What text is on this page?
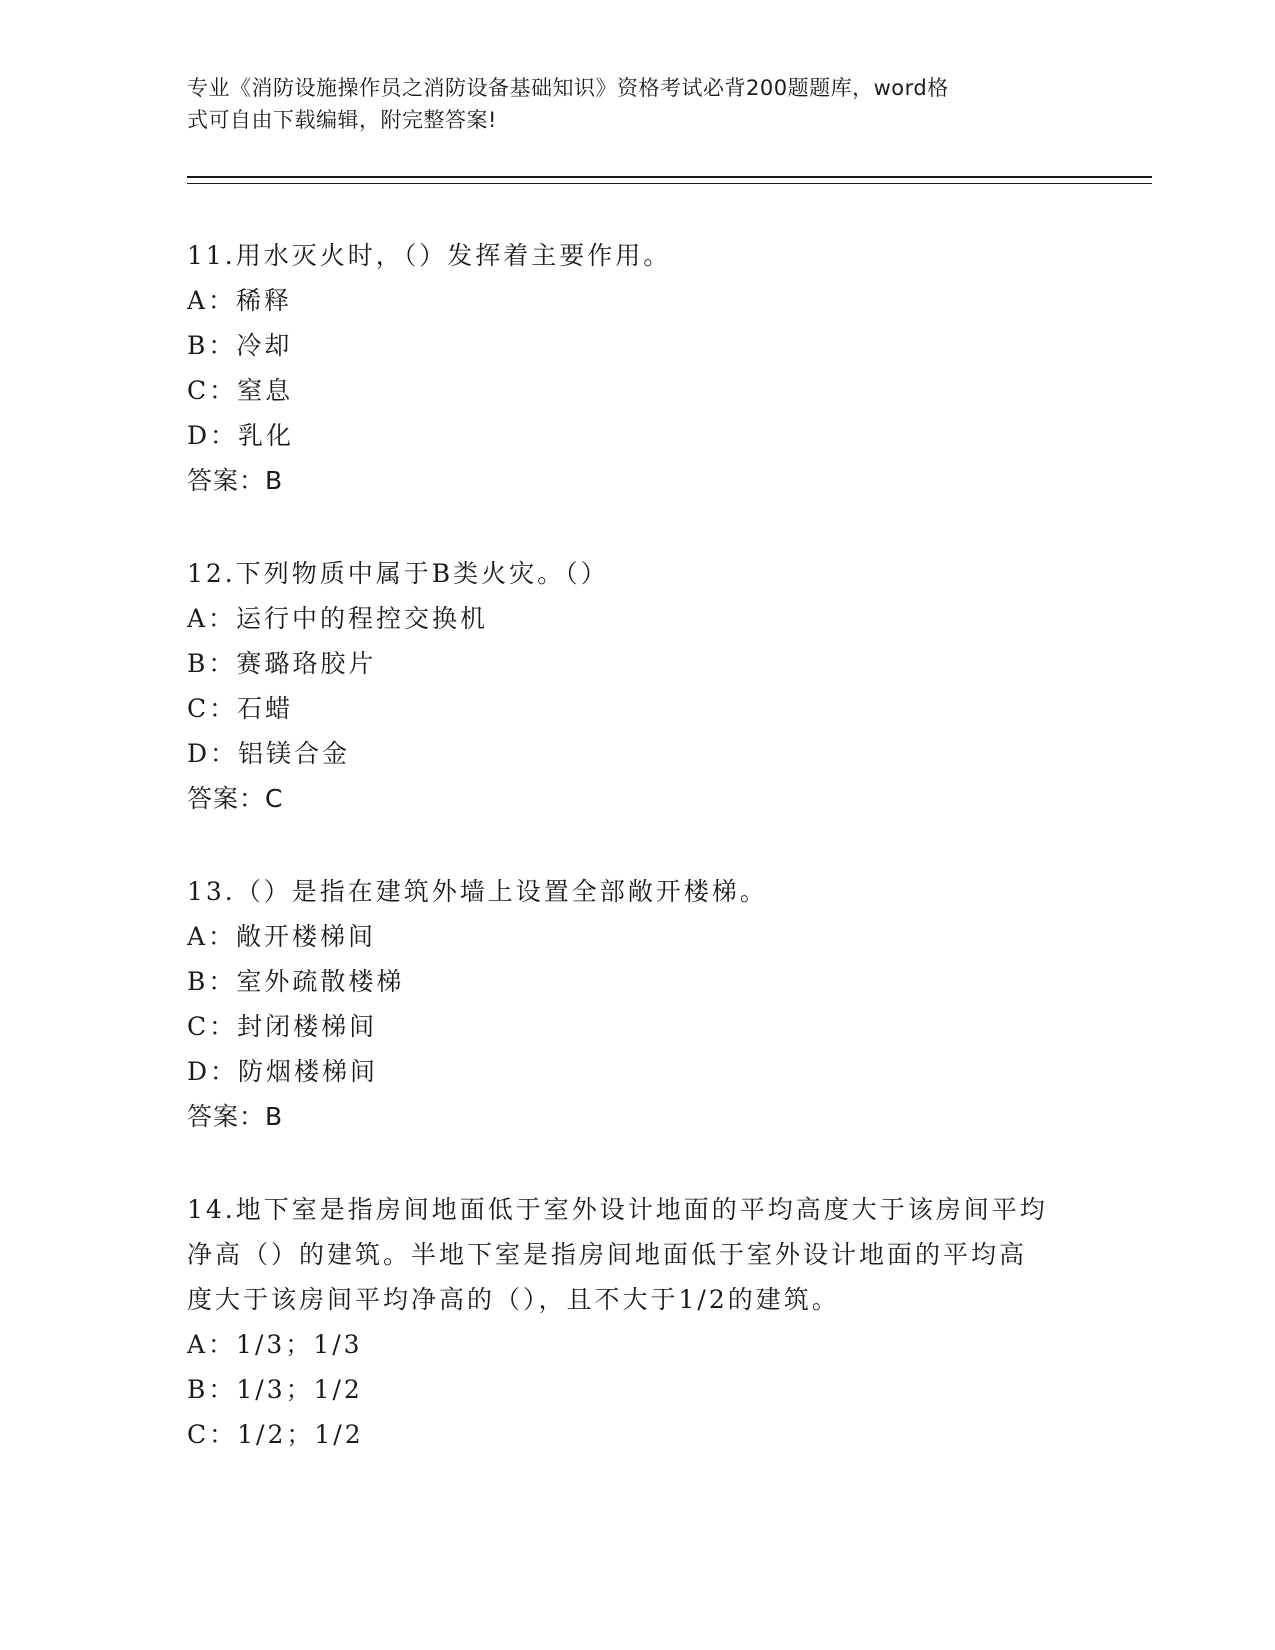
专业《消防设施操作员之消防设备基础知识》资格考试必背200题题库，word格
式可自由下载编辑，附完整答案!

11.用水灭火时，（）发挥着主要作用。

A：稀释

B：冷却

C：窒息

D：乳化

答案：B

12.下列物质中属于B类火灾。（）

A：运行中的程控交换机

B：赛璐珞胶片

C：石蜡

D：铝镁合金

答案：C

13.（）是指在建筑外墙上设置全部敞开楼梯。

A：敞开楼梯间

B：室外疏散楼梯

C：封闭楼梯间

D：防烟楼梯间

答案：B

14.地下室是指房间地面低于室外设计地面的平均高度大于该房间平均

净高（）的建筑。半地下室是指房间地面低于室外设计地面的平均高

度大于该房间平均净高的（），且不大于1/2的建筑。

A：1/3；1/3

B：1/3；1/2

C：1/2；1/2
